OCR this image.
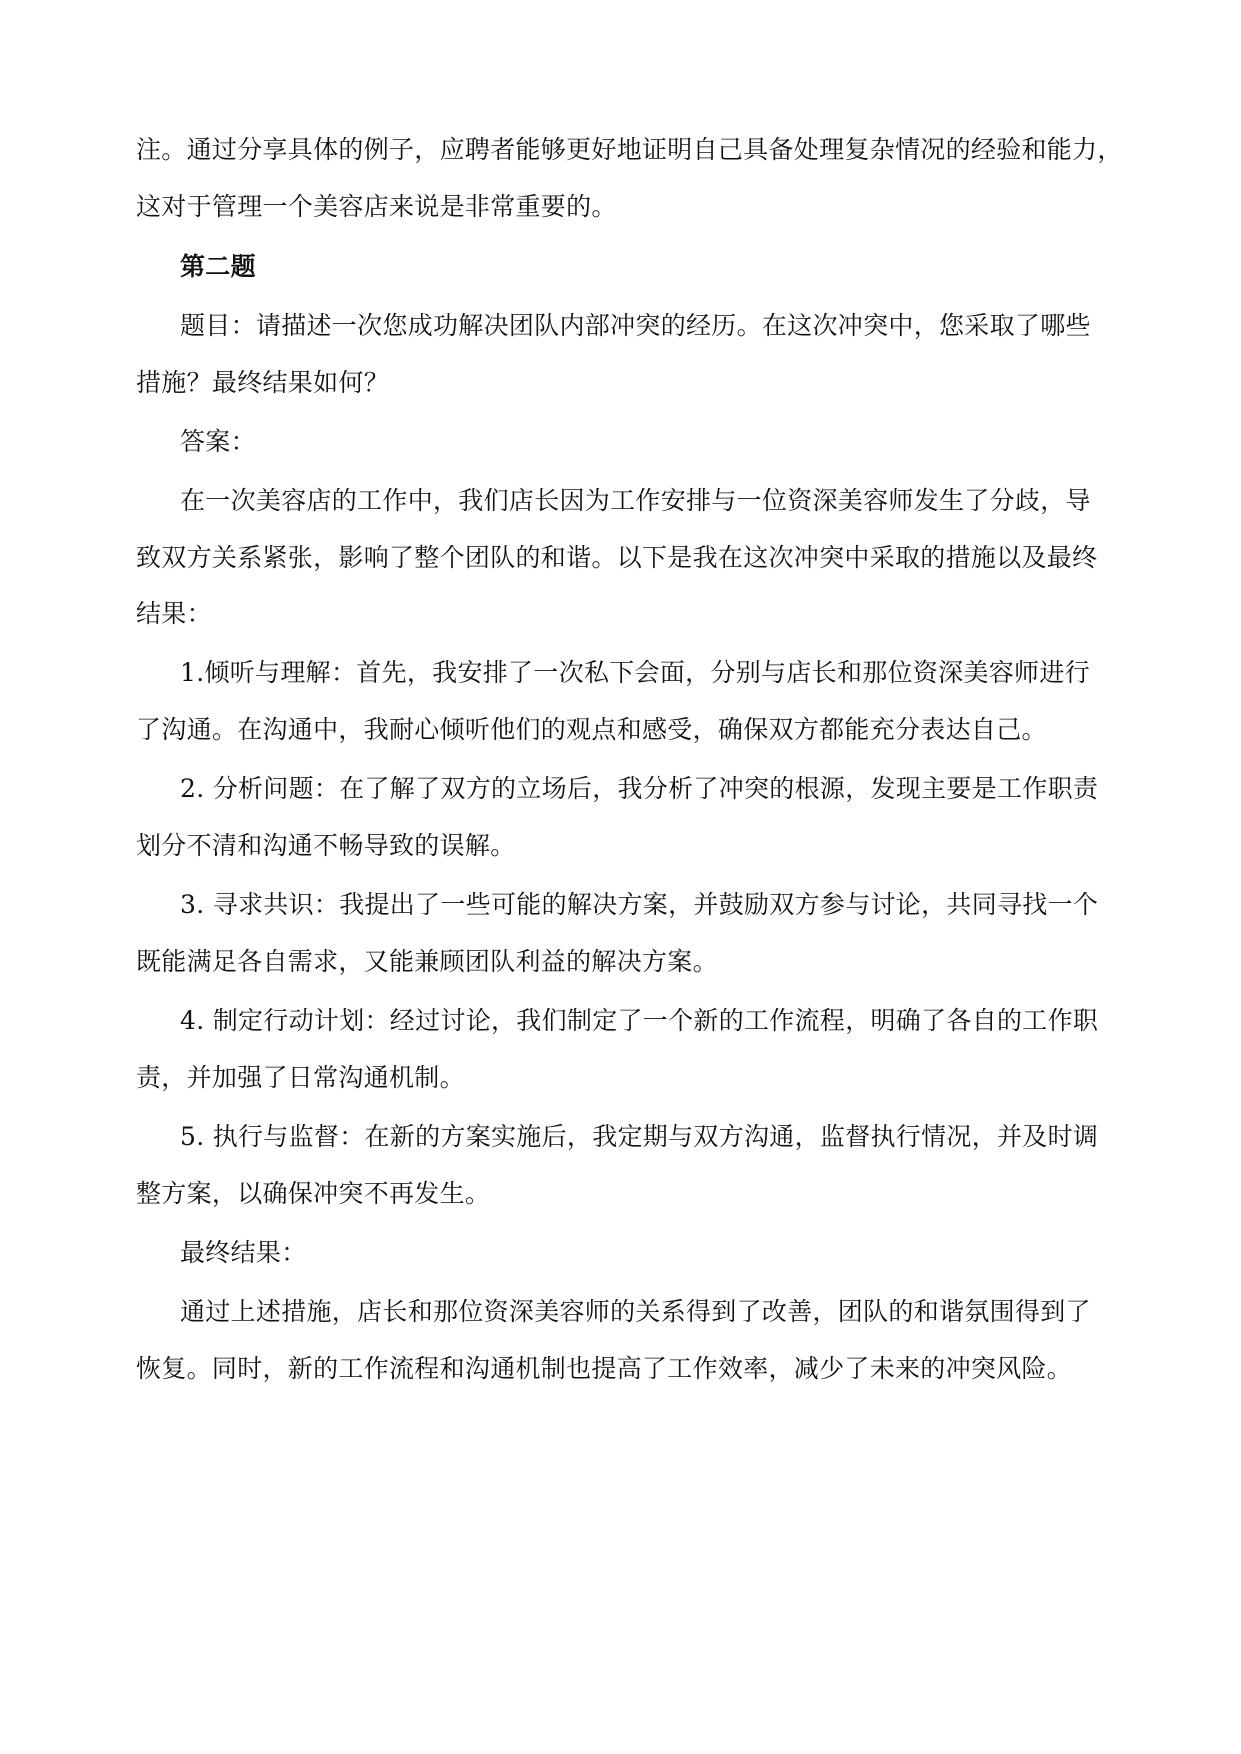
注。通过分享具体的例子，应聘者能够更好地证明自己具备处理复杂情况的经验和能力，
这对于管理一个美容店来说是非常重要的。
第二题
题目：请描述一次您成功解决团队内部冲突的经历。在这次冲突中，您采取了哪些
措施？最终结果如何？
答案：
在一次美容店的工作中，我们店长因为工作安排与一位资深美容师发生了分歧，导
致双方关系紧张，影响了整个团队的和谐。以下是我在这次冲突中采取的措施以及最终
结果：
1.倾听与理解：首先，我安排了一次私下会面，分别与店长和那位资深美容师进行
了沟通。在沟通中，我耐心倾听他们的观点和感受，确保双方都能充分表达自己。
2. 分析问题：在了解了双方的立场后，我分析了冲突的根源，发现主要是工作职责
划分不清和沟通不畅导致的误解。
3. 寻求共识：我提出了一些可能的解决方案，并鼓励双方参与讨论，共同寻找一个
既能满足各自需求，又能兼顾团队利益的解决方案。
4. 制定行动计划：经过讨论，我们制定了一个新的工作流程，明确了各自的工作职
责，并加强了日常沟通机制。
5. 执行与监督：在新的方案实施后，我定期与双方沟通，监督执行情况，并及时调
整方案，以确保冲突不再发生。
最终结果：
通过上述措施，店长和那位资深美容师的关系得到了改善，团队的和谐氛围得到了
恢复。同时，新的工作流程和沟通机制也提高了工作效率，减少了未来的冲突风险。
